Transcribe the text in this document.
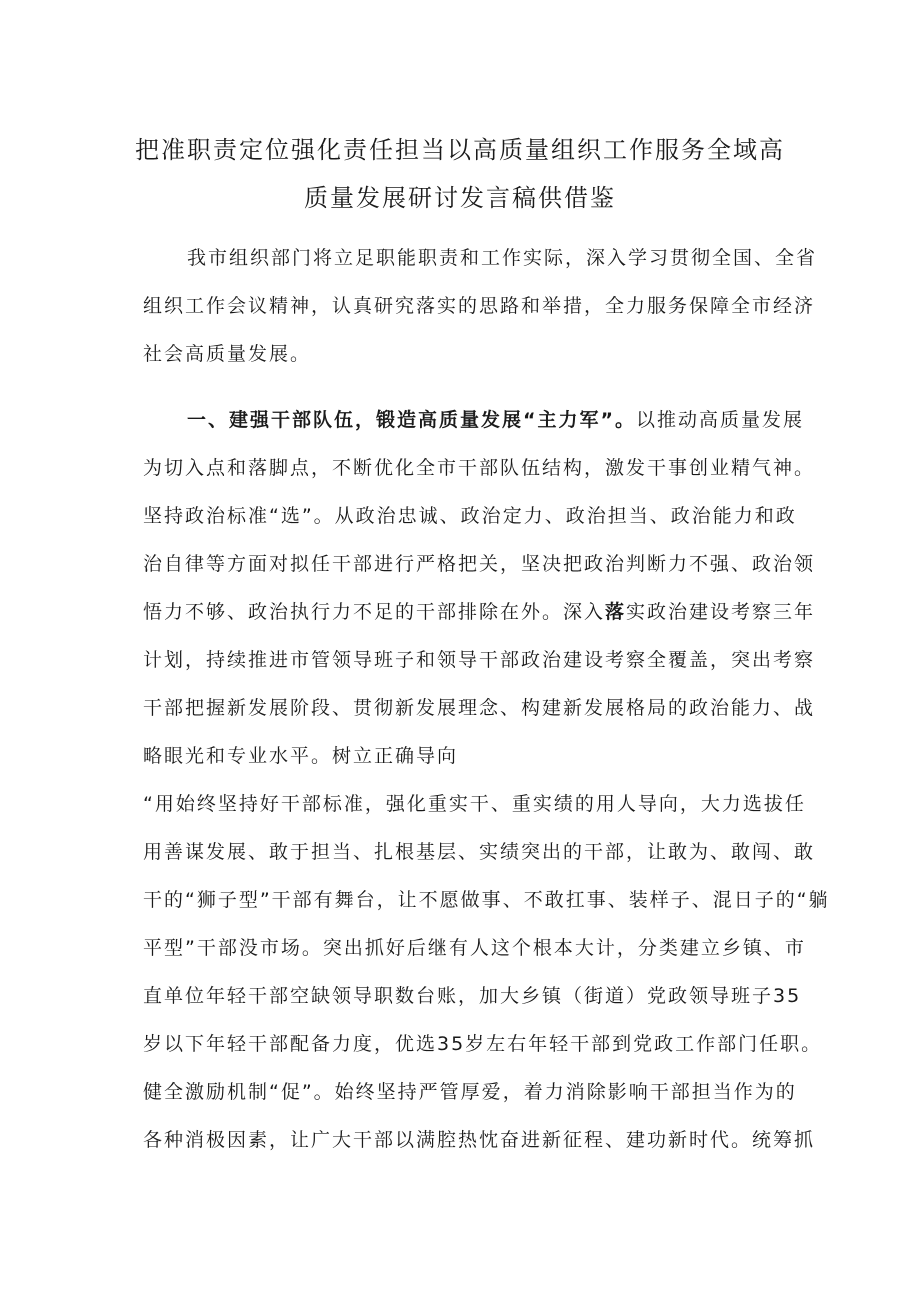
把准职责定位强化责任担当以高质量组织工作服务全域高
质量发展研讨发言稿供借鉴
我市组织部门将立足职能职责和工作实际，深入学习贯彻全国、全省
组织工作会议精神，认真研究落实的思路和举措，全力服务保障全市经济
社会高质量发展。
一、建强干部队伍，锻造高质量发展“主力军”。以推动高质量发展
为切入点和落脚点，不断优化全市干部队伍结构，激发干事创业精气神。
坚持政治标准“选”。从政治忠诚、政治定力、政治担当、政治能力和政
治自律等方面对拟任干部进行严格把关，坚决把政治判断力不强、政治领
悟力不够、政治执行力不足的干部排除在外。深入落实政治建设考察三年
计划，持续推进市管领导班子和领导干部政治建设考察全覆盖，突出考察
干部把握新发展阶段、贯彻新发展理念、构建新发展格局的政治能力、战
略眼光和专业水平。树立正确导向
“用始终坚持好干部标准，强化重实干、重实绩的用人导向，大力选拔任
用善谋发展、敢于担当、扎根基层、实绩突出的干部，让敢为、敢闯、敢
干的“狮子型”干部有舞台，让不愿做事、不敢扛事、装样子、混日子的“躺
平型”干部没市场。突出抓好后继有人这个根本大计，分类建立乡镇、市
直单位年轻干部空缺领导职数台账，加大乡镇（街道）党政领导班子35
岁以下年轻干部配备力度，优选35岁左右年轻干部到党政工作部门任职。
健全激励机制“促”。始终坚持严管厚爱，着力消除影响干部担当作为的
各种消极因素，让广大干部以满腔热忱奋进新征程、建功新时代。统筹抓
